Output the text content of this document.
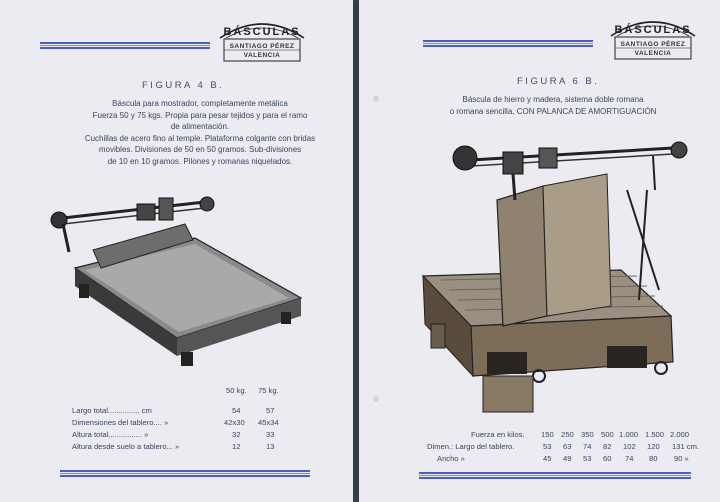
BÁSCULAS
SANTIAGO PÉREZ
VALENCIA
FIGURA 4 B.
Báscula para mostrador, completamente metálica
Fuerza 50 y 75 kgs. Propia para pesar tejidos y para el ramo
de alimentación.
Cuchillas de acero fino al temple. Plataforma colgante con bridas
movibles. Divisiones de 50 en 50 gramos. Sub-divisiones
de 10 en 10 gramos. Pilones y romanas niquelados.
50 kg. 75 kg.
Largo total............... cm	54	57
Dimensiones del tablero.... »	42x30 45x34
Altura total................ »	32	33
Altura desde suelo a tablero... »	12	13
BÁSCULAS
SANTIAGO PÉREZ
VALENCIA
FIGURA 6 B.
Báscula de hierro y madera, sistema doble romana
o romana sencilla, CON PALANCA DE AMORTIGUACIÓN
Fuerza en kilos. 150 250 350 500 1.000 1.500 2.000
Dimen.: Largo del tablero.	53 63 74 82 102 120 131 cm.
Ancho »	45 49 53 60 74 80 90 »
